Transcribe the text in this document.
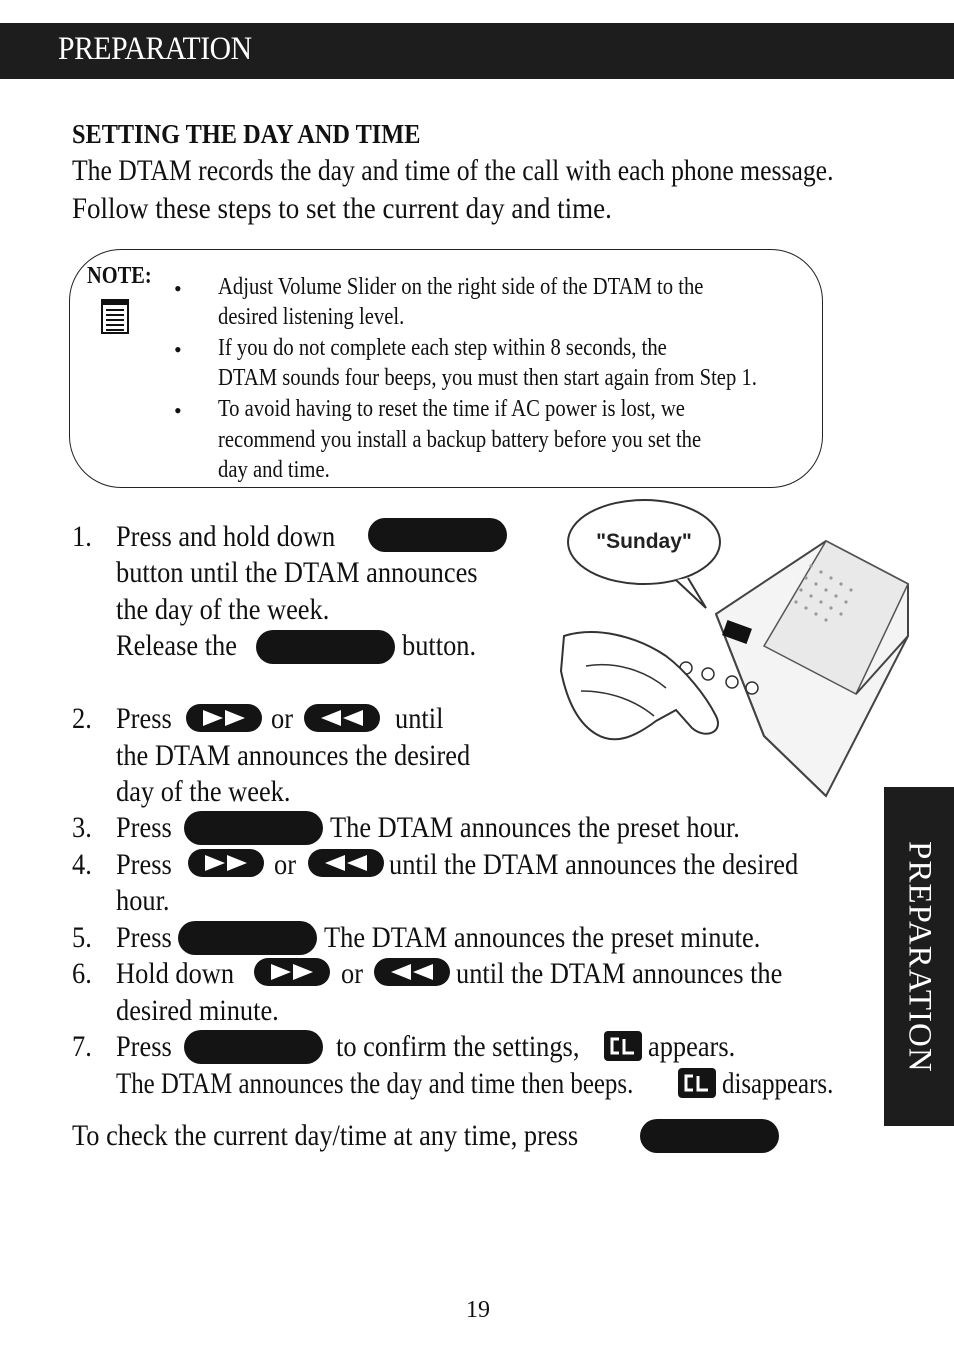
PREPARATION
PREPARATION
SETTING THE DAY AND TIME
The DTAM records the day and time of the call with each phone message.
Follow these steps to set the current day and time.
NOTE: •
•
•
Adjust Volume Slider on the right side of the DTAM to the
desired listening level.
If you do not complete each step within 8 seconds, the
DTAM sounds four beeps, you must then start again from Step 1.
To avoid having to reset the time if AC power is lost, we
recommend you install a backup battery before you set the
day and time.
"Sunday"
1. Press and hold down
button until the DTAM announces
the day of the week.
Release the	button.
2. Press	or	until
the DTAM announces the desired
day of the week.
3. Press	The DTAM announces the preset hour.
4. Press	or	until the DTAM announces the desired
hour.
5. Press	The DTAM announces the preset minute.
6. Hold down	or	until the DTAM announces the
desired minute.
7. Press	to confirm the settings, appears.
The DTAM announces the day and time then beeps.	disappears.
To check the current day/time at any time, press
19
